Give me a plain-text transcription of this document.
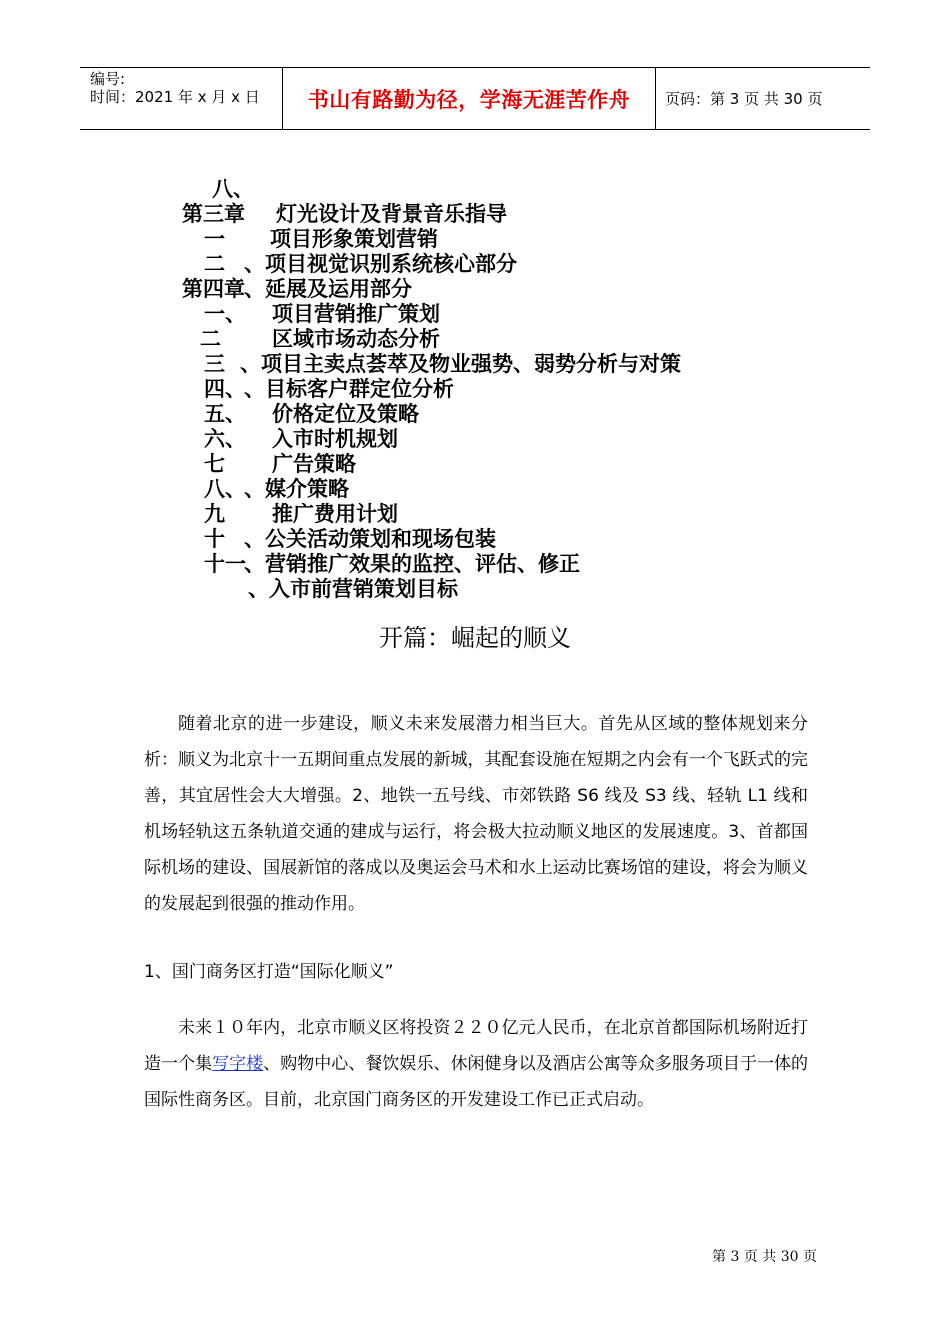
编号:
时间：2021 年 x 月 x 日 书山有路勤为径，学海无涯苦作舟 页码：第 3 页 共 30 页

八、

灯光设计及背景音乐指导

第三章

项目形象策划营销

一

、项目视觉识别系统核心部分

二

、延展及运用部分

第四章

项目营销推广策划

一、

区域市场动态分析

二

、项目主卖点荟萃及物业强势、弱势分析与对策

三

、目标客户群定位分析

四、

价格定位及策略

五、

入市时机规划

六、

广告策略

七

、媒介策略

八、

推广费用计划

九

、公关活动策划和现场包装

十

、营销推广效果的监控、评估、修正

十一

、入市前营销策划目标

开篇：崛起的顺义

随着北京的进一步建设，顺义未来发展潜力相当巨大。首先从区域的整体规划来分析：顺义为北京十一五期间重点发展的新城，其配套设施在短期之内会有一个飞跃式的完善，其宜居性会大大增强。2、地铁一五号线、市郊铁路 S6 线及 S3 线、轻轨 L1 线和机场轻轨这五条轨道交通的建成与运行，将会极大拉动顺义地区的发展速度。3、首都国际机场的建设、国展新馆的落成以及奥运会马术和水上运动比赛场馆的建设，将会为顺义的发展起到很强的推动作用。

1、国门商务区打造“国际化顺义”

未来１０年内，北京市顺义区将投资２２０亿元人民币，在北京首都国际机场附近打造一个集写字楼、购物中心、餐饮娱乐、休闲健身以及酒店公寓等众多服务项目于一体的国际性商务区。目前，北京国门商务区的开发建设工作已正式启动。

第 3 页 共 30 页
